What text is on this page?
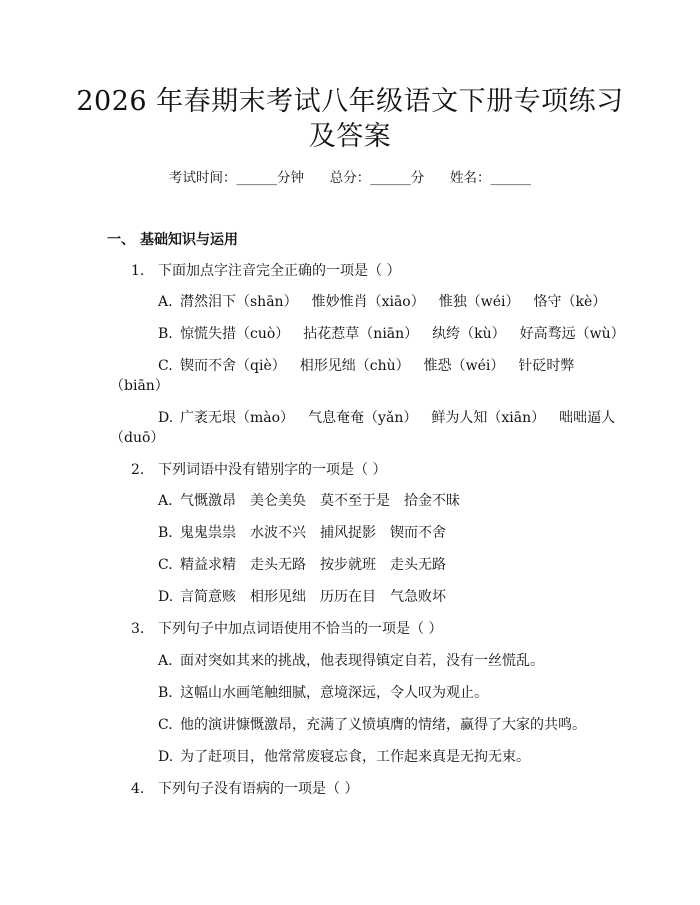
2026 年春期末考试八年级语文下册专项练习
及答案
考试时间：______分钟 总分：______分 姓名：______
一、 基础知识与运用
1. 下面加点字注音完全正确的一项是（ ）
A. 潸然泪下（shān） 惟妙惟肖（xiāo） 惟独（wéi） 恪守（kè）
B. 惊慌失措（cuò） 拈花惹草（niān） 纨绔（kù） 好高骛远（wù）
C. 锲而不舍（qiè） 相形见绌（chù） 惟恐（wéi） 针砭时弊
（biān）
D. 广袤无垠（mào） 气息奄奄（yǎn） 鲜为人知（xiān） 咄咄逼人
（duō）
2. 下列词语中没有错别字的一项是（ ）
A. 气慨激昂 美仑美奂 莫不至于是 拾金不昧
B. 鬼鬼祟祟 水波不兴 捕风捉影 锲而不舍
C. 精益求精 走头无路 按步就班 走头无路
D. 言简意赅 相形见绌 历历在目 气急败坏
3. 下列句子中加点词语使用不恰当的一项是（ ）
A. 面对突如其来的挑战，他表现得镇定自若，没有一丝慌乱。
B. 这幅山水画笔触细腻，意境深远，令人叹为观止。
C. 他的演讲慷慨激昂，充满了义愤填膺的情绪，赢得了大家的共鸣。
D. 为了赶项目，他常常废寝忘食，工作起来真是无拘无束。
4. 下列句子没有语病的一项是（ ）
